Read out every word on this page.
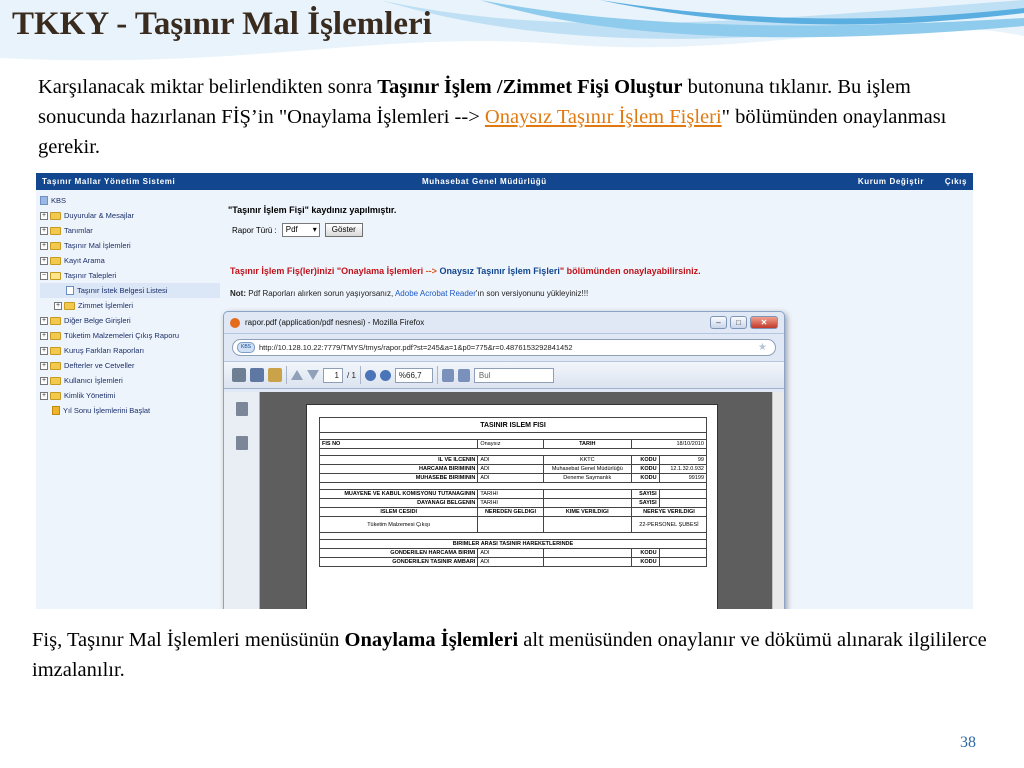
TKKY - Taşınır Mal İşlemleri
Karşılanacak miktar belirlendikten sonra Taşınır İşlem /Zimmet Fişi Oluştur butonuna tıklanır. Bu işlem sonucunda hazırlanan FİŞ’in "Onaylama İşlemleri --> Onaysız Taşınır İşlem Fişleri" bölümünden onaylanması gerekir.
Taşınır Mallar Yönetim Sistemi	Muhasebat Genel Müdürlüğü	Kurum Değiştir	Çıkış
KBS
+ Duyurular & Mesajlar
+ Tanımlar
+ Taşınır Mal İşlemleri
+ Kayıt Arama
− Taşınır Talepleri
Taşınır İstek Belgesi Listesi
+ Zimmet İşlemleri
+ Diğer Belge Girişleri
+ Tüketim Malzemeleri Çıkış Raporu
+ Kuruş Farkları Raporları
+ Defterler ve Cetveller
+ Kullanıcı İşlemleri
+ Kimlik Yönetimi
Yıl Sonu İşlemlerini Başlat
"Taşınır İşlem Fişi" kaydınız yapılmıştır.
Rapor Türü :	Pdf ▾	Göster
Taşınır İşlem Fiş(ler)inizi "Onaylama İşlemleri --> Onaysız Taşınır İşlem Fişleri" bölümünden onaylayabilirsiniz.
Not: Pdf Raporları alırken sorun yaşıyorsanız, Adobe Acrobat Reader'ın son versiyonunu yükleyiniz!!!
rapor.pdf (application/pdf nesnesi) - Mozilla Firefox	–	□	✕
KBS	http://10.128.10.22:7779/TMYS/tmys/rapor.pdf?st=245&a=1&p0=775&r=0.4876153292841452	★
1	/ 1	%66,7	Bul
TASINIR ISLEM FISI				

FIS NO	Onaysız	TARIH	18/10/2010	

IL VE ILCENIN	ADI	KKTC	KODU	99
HARCAMA BIRIMININ	ADI	Muhasebat Genel Müdürlüğü	KODU	12.1.32.0.932
MUHASEBE BIRIMININ	ADI	Deneme Saymanlık	KODU	99199

MUAYENE VE KABUL KOMISYONU TUTANAGININ	TARIHI		SAYISI	
DAYANAGI BELGENIN	TARIHI		SAYISI	
ISLEM CESIDI	NEREDEN GELDIGI	KIME VERILDIGI	NEREYE VERILDIGI	
Tüketim Malzemesi Çıkışı			22-PERSONEL ŞUBESİ	

BIRIMLER ARASI TASINIR HAREKETLERINDE				
GONDERILEN HARCAMA BIRIMI	ADI		KODU	
GONDERILEN TASINIR AMBARI	ADI		KODU	
Fiş, Taşınır Mal İşlemleri menüsünün Onaylama İşlemleri alt menüsünden onaylanır ve dökümü alınarak ilgililerce imzalanılır.
38
